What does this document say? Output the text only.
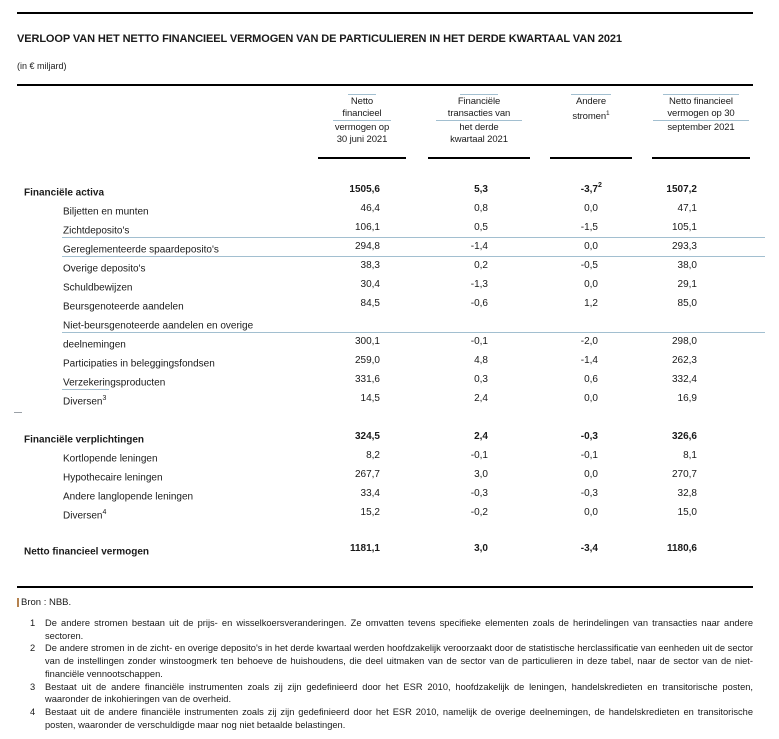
VERLOOP VAN HET NETTO FINANCIEEL VERMOGEN VAN DE PARTICULIEREN IN HET DERDE KWARTAAL VAN 2021
(in € miljard)
Netto
financieel
vermogen op
30 juni 2021
Financiële
transacties van
het derde
kwartaal 2021
Andere
stromen$^1$
Netto financieel
vermogen op 30
september 2021
Financiële activa	1505,6	5,3	-3,7 2	1507,2
Biljetten en munten	46,4	0,8	0,0	47,1
Zichtdeposito's	106,1	0,5	-1,5	105,1
Gereglementeerde spaardeposito's	294,8	-1,4	0,0	293,3
Overige deposito's	38,3	0,2	-0,5	38,0
Schuldbewijzen	30,4	-1,3	0,0	29,1
Beursgenoteerde aandelen	84,5	-0,6	1,2	85,0
Niet-beursgenoteerde aandelen en overige
deelnemingen	300,1	-0,1	-2,0	298,0
Participaties in beleggingsfondsen	259,0	4,8	-1,4	262,3
Verzekeringsproducten	331,6	0,3	0,6	332,4
Diversen$^3$	14,5	2,4	0,0	16,9
Financiële verplichtingen	324,5	2,4	-0,3	326,6
Kortlopende leningen	8,2	-0,1	-0,1	8,1
Hypothecaire leningen	267,7	3,0	0,0	270,7
Andere langlopende leningen	33,4	-0,3	-0,3	32,8
Diversen$^4$	15,2	-0,2	0,0	15,0
Netto financieel vermogen	1181,1	3,0	-3,4	1180,6
Bron : NBB.
1	De andere stromen bestaan uit de prijs- en wisselkoersveranderingen. Ze omvatten tevens specifieke elementen zoals de herindelingen van transacties naar andere sectoren.
2	De andere stromen in de zicht- en overige deposito's in het derde kwartaal werden hoofdzakelijk veroorzaakt door de statistische herclassificatie van eenheden uit de sector van de instellingen zonder winstoogmerk ten behoeve de huishoudens, die deel uitmaken van de sector van de particulieren in deze tabel, naar de sector van de niet-financiële vennootschappen.
3	Bestaat uit de andere financiële instrumenten zoals zij zijn gedefinieerd door het ESR 2010, hoofdzakelijk de leningen, handelskredieten en transitorische posten, waaronder de inkohieringen van de overheid.
4	Bestaat uit de andere financiële instrumenten zoals zij zijn gedefinieerd door het ESR 2010, namelijk de overige deelnemingen, de handelskredieten en transitorische posten, waaronder de verschuldigde maar nog niet betaalde belastingen.
